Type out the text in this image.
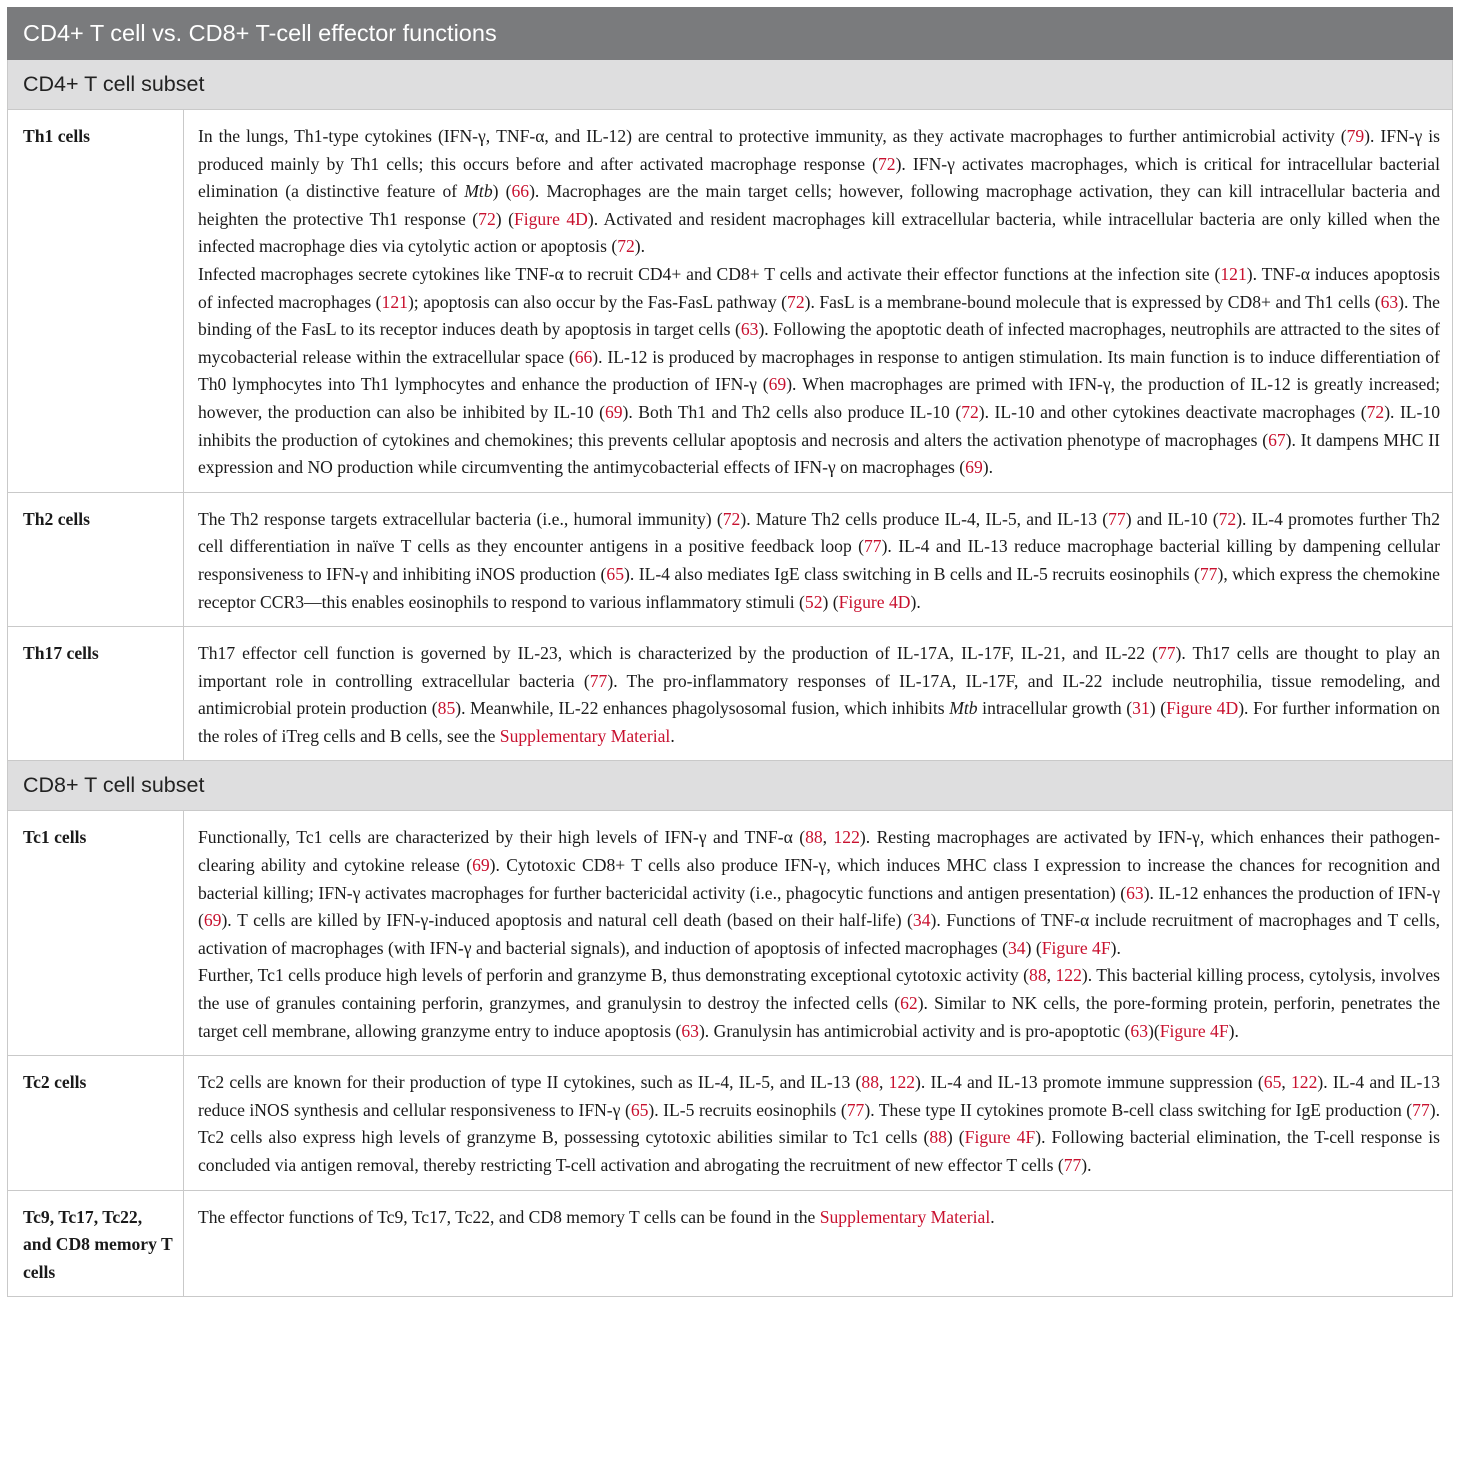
CD4+ T cell vs. CD8+ T-cell effector functions	
CD4+ T cell subset	
Th1 cells	In the lungs, Th1-type cytokines (IFN-γ, TNF-α, and IL-12) are central to protective immunity, as they activate macrophages to further antimicrobial activity (79). IFN-γ is produced mainly by Th1 cells; this occurs before and after activated macrophage response (72). IFN-γ activates macrophages, which is critical for intracellular bacterial elimination (a distinctive feature of Mtb) (66). Macrophages are the main target cells; however, following macrophage activation, they can kill intracellular bacteria and heighten the protective Th1 response (72) (Figure 4D). Activated and resident macrophages kill extracellular bacteria, while intracellular bacteria are only killed when the infected macrophage dies via cytolytic action or apoptosis (72).

Infected macrophages secrete cytokines like TNF-α to recruit CD4+ and CD8+ T cells and activate their effector functions at the infection site (121). TNF-α induces apoptosis of infected macrophages (121); apoptosis can also occur by the Fas-FasL pathway (72). FasL is a membrane-bound molecule that is expressed by CD8+ and Th1 cells (63). The binding of the FasL to its receptor induces death by apoptosis in target cells (63). Following the apoptotic death of infected macrophages, neutrophils are attracted to the sites of mycobacterial release within the extracellular space (66). IL-12 is produced by macrophages in response to antigen stimulation. Its main function is to induce differentiation of Th0 lymphocytes into Th1 lymphocytes and enhance the production of IFN-γ (69). When macrophages are primed with IFN-γ, the production of IL-12 is greatly increased; however, the production can also be inhibited by IL-10 (69). Both Th1 and Th2 cells also produce IL-10 (72). IL-10 and other cytokines deactivate macrophages (72). IL-10 inhibits the production of cytokines and chemokines; this prevents cellular apoptosis and necrosis and alters the activation phenotype of macrophages (67). It dampens MHC II expression and NO production while circumventing the antimycobacterial effects of IFN-γ on macrophages (69).

Th2 cells	The Th2 response targets extracellular bacteria (i.e., humoral immunity) (72). Mature Th2 cells produce IL-4, IL-5, and IL-13 (77) and IL-10 (72). IL-4 promotes further Th2 cell differentiation in naïve T cells as they encounter antigens in a positive feedback loop (77). IL-4 and IL-13 reduce macrophage bacterial killing by dampening cellular responsiveness to IFN-γ and inhibiting iNOS production (65). IL-4 also mediates IgE class switching in B cells and IL-5 recruits eosinophils (77), which express the chemokine receptor CCR3—this enables eosinophils to respond to various inflammatory stimuli (52) (Figure 4D).

Th17 cells	Th17 effector cell function is governed by IL-23, which is characterized by the production of IL-17A, IL-17F, IL-21, and IL-22 (77). Th17 cells are thought to play an important role in controlling extracellular bacteria (77). The pro-inflammatory responses of IL-17A, IL-17F, and IL-22 include neutrophilia, tissue remodeling, and antimicrobial protein production (85). Meanwhile, IL-22 enhances phagolysosomal fusion, which inhibits Mtb intracellular growth (31) (Figure 4D). For further information on the roles of iTreg cells and B cells, see the Supplementary Material.

CD8+ T cell subset	
Tc1 cells	Functionally, Tc1 cells are characterized by their high levels of IFN-γ and TNF-α (88, 122). Resting macrophages are activated by IFN-γ, which enhances their pathogen-clearing ability and cytokine release (69). Cytotoxic CD8+ T cells also produce IFN-γ, which induces MHC class I expression to increase the chances for recognition and bacterial killing; IFN-γ activates macrophages for further bactericidal activity (i.e., phagocytic functions and antigen presentation) (63). IL-12 enhances the production of IFN-γ (69). T cells are killed by IFN-γ-induced apoptosis and natural cell death (based on their half-life) (34). Functions of TNF-α include recruitment of macrophages and T cells, activation of macrophages (with IFN-γ and bacterial signals), and induction of apoptosis of infected macrophages (34) (Figure 4F).

Further, Tc1 cells produce high levels of perforin and granzyme B, thus demonstrating exceptional cytotoxic activity (88, 122). This bacterial killing process, cytolysis, involves the use of granules containing perforin, granzymes, and granulysin to destroy the infected cells (62). Similar to NK cells, the pore-forming protein, perforin, penetrates the target cell membrane, allowing granzyme entry to induce apoptosis (63). Granulysin has antimicrobial activity and is pro-apoptotic (63)(Figure 4F).

Tc2 cells	Tc2 cells are known for their production of type II cytokines, such as IL-4, IL-5, and IL-13 (88, 122). IL-4 and IL-13 promote immune suppression (65, 122). IL-4 and IL-13 reduce iNOS synthesis and cellular responsiveness to IFN-γ (65). IL-5 recruits eosinophils (77). These type II cytokines promote B-cell class switching for IgE production (77). Tc2 cells also express high levels of granzyme B, possessing cytotoxic abilities similar to Tc1 cells (88) (Figure 4F). Following bacterial elimination, the T-cell response is concluded via antigen removal, thereby restricting T-cell activation and abrogating the recruitment of new effector T cells (77).

Tc9, Tc17, Tc22, and CD8 memory T cells	The effector functions of Tc9, Tc17, Tc22, and CD8 memory T cells can be found in the Supplementary Material.
